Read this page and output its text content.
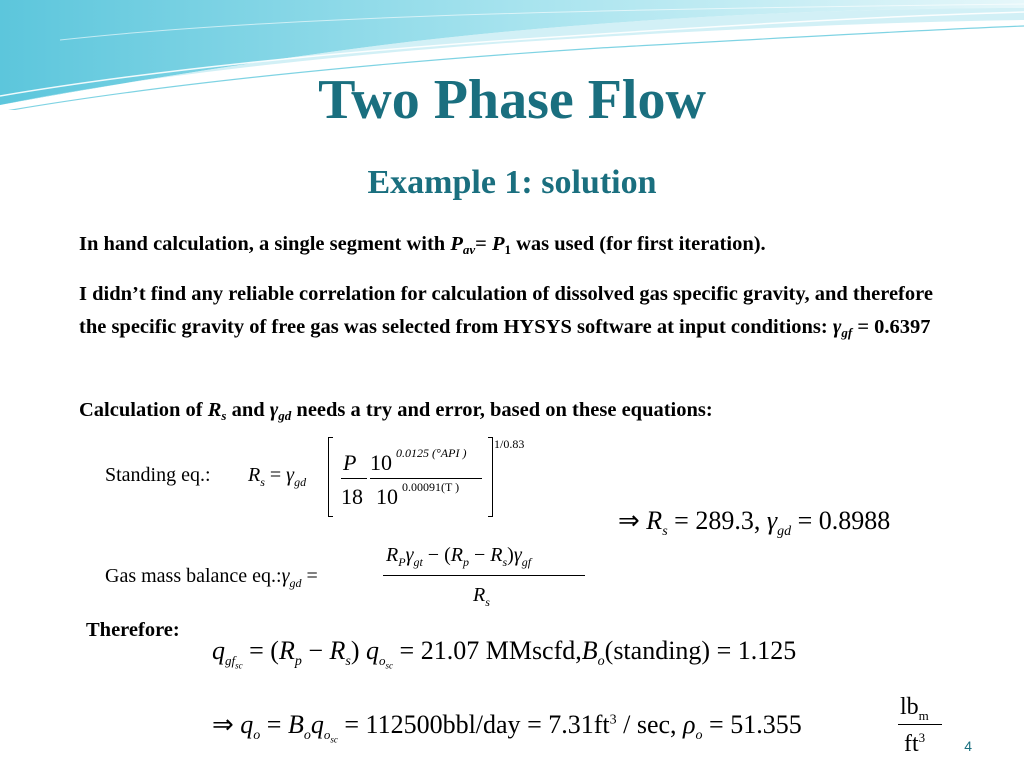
Two Phase Flow
Example 1: solution
In hand calculation, a single segment with $P_{av}= P_1$ was used (for first iteration).
I didn’t find any reliable correlation for calculation of dissolved gas specific gravity, and therefore the specific gravity of free gas was selected from HYSYS software at input conditions: $\gamma_{gf} = 0.6397$
Calculation of $R_s$ and $\gamma_{gd}$ needs a try and error, based on these equations:
Standing eq.: $R_s = \gamma_{gd}$
P
18
10 0.0125 (°API )
10 0.00091(T )
1/0.83
⇒ $R_s = 289.3$, $\gamma_{gd} = 0.8988$
Gas mass balance $eq.:\gamma_{gd}$ =
$R_P\gamma_{gt} - (R_p - R_s)\gamma_{gf}$
$R_s$
Therefore:
$q_{gf_{sc}} = (R_p - R_s) q_{o_{sc}} = 21.07$ $MMscfd,B_o(standing) = 1.125$
⇒ $q_o = B_oq_{o_{sc}} = 112500bbl/day = 7.31ft^3 / \sec$, $\rho_o = 51.355$
$lb_m$
$ft^3$
4
